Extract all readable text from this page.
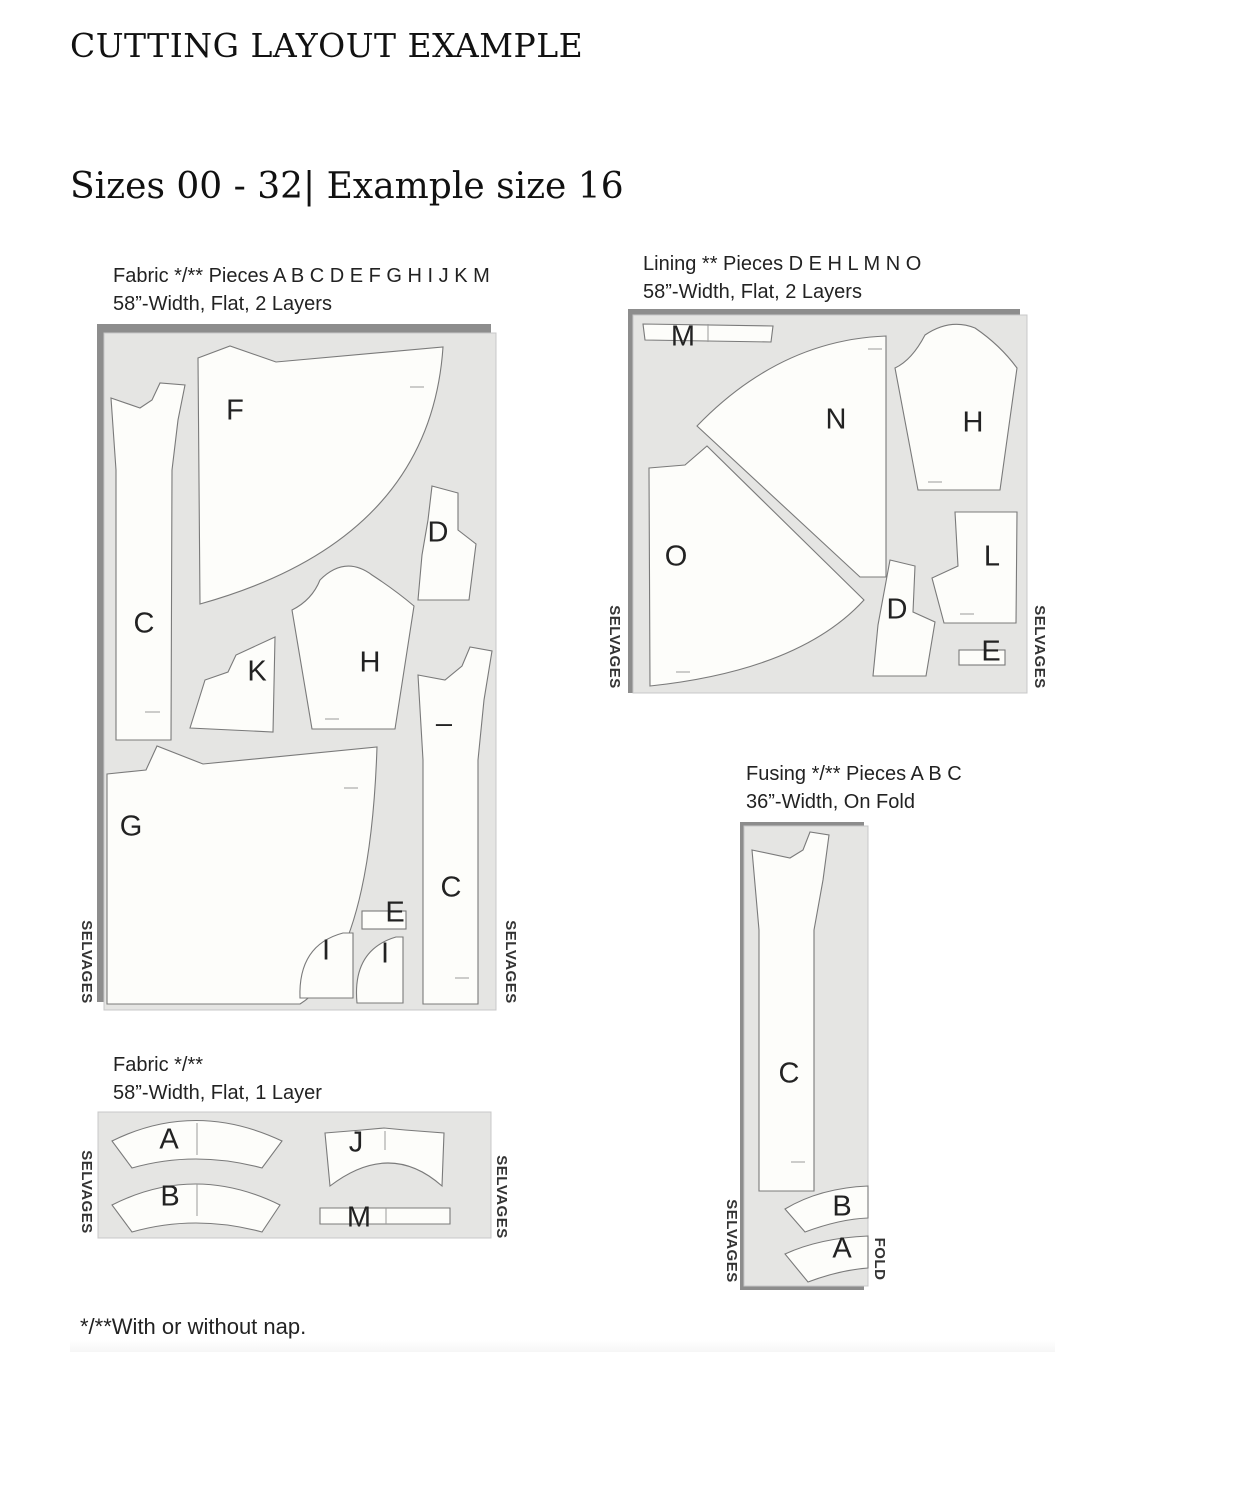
CUTTING LAYOUT EXAMPLE
Sizes 00 - 32| Example size 16
Fabric */** Pieces A B C D E F G H I J K M
58”-Width, Flat, 2 Layers
Lining ** Pieces D E H L M N O
58”-Width, Flat, 2 Layers
Fusing */** Pieces A B C
36”-Width, On Fold
Fabric */**
58”-Width, Flat, 1 Layer
C
F
D
K	H
–
C
G
E
I I
SELVAGES	SELVAGES
M
N	H
O
D
L
E
SELVAGES	SELVAGES
C
B
A
SELVAGES	FOLD
A
B
J
M
SELVAGES	SELVAGES
*/**With or without nap.
